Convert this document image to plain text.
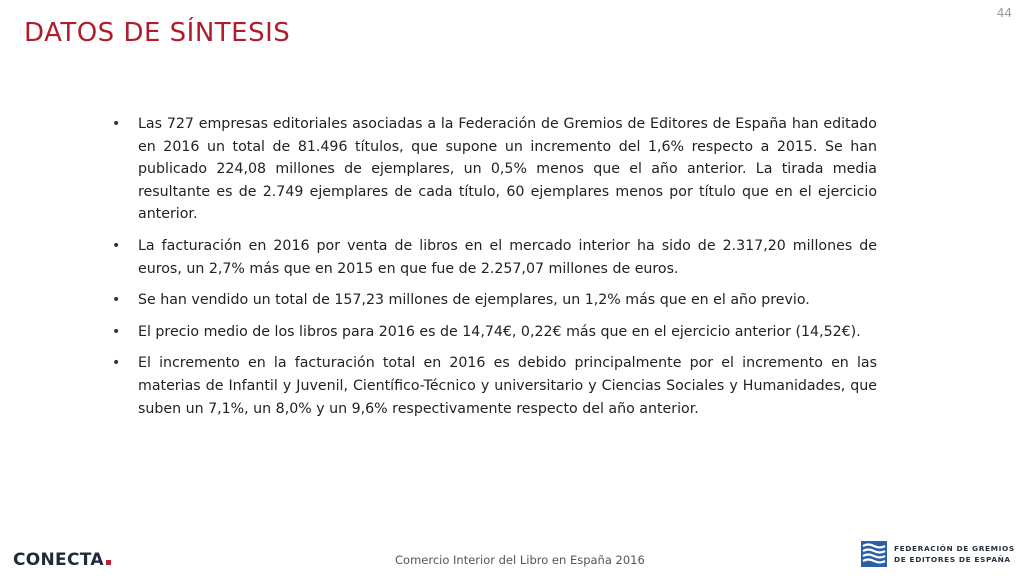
DATOS DE SÍNTESIS
44
• Las 727 empresas editoriales asociadas a la Federación de Gremios de Editores de España han editado en 2016 un total de 81.496 títulos, que supone un incremento del 1,6% respecto a 2015. Se han publicado 224,08 millones de ejemplares, un 0,5% menos que el año anterior. La tirada media resultante es de 2.749 ejemplares de cada título, 60 ejemplares menos por título que en el ejercicio anterior.
• La facturación en 2016 por venta de libros en el mercado interior ha sido de 2.317,20 millones de euros, un 2,7% más que en 2015 en que fue de 2.257,07 millones de euros.
• Se han vendido un total de 157,23 millones de ejemplares, un 1,2% más que en el año previo.
• El precio medio de los libros para 2016 es de 14,74€, 0,22€ más que en el ejercicio anterior (14,52€).
• El incremento en la facturación total en 2016 es debido principalmente por el incremento en las materias de Infantil y Juvenil, Científico-Técnico y universitario y Ciencias Sociales y Humanidades, que suben un 7,1%, un 8,0% y un 9,6% respectivamente respecto del año anterior.
CONECTA	Comercio Interior del Libro en España 2016
FEDERACIÓN DE GREMIOS
DE EDITORES DE ESPAÑA
